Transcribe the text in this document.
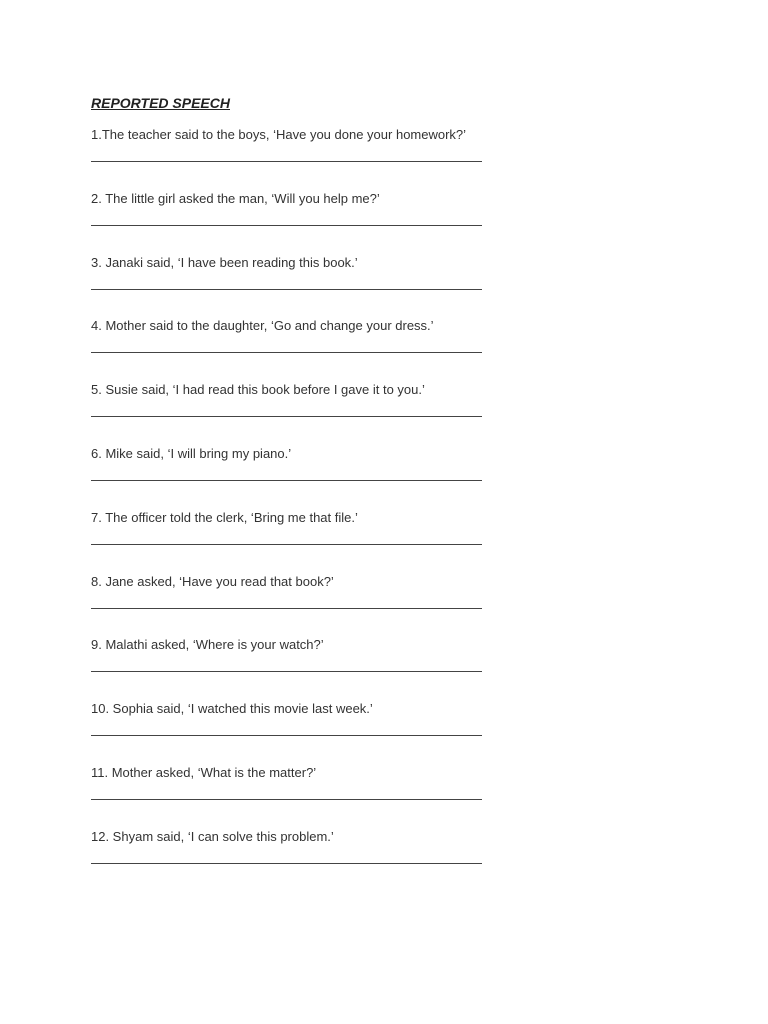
REPORTED SPEECH
1.The teacher said to the boys, ‘Have you done your homework?’
2. The little girl asked the man, ‘Will you help me?’
3. Janaki said, ‘I have been reading this book.’
4. Mother said to the daughter, ‘Go and change your dress.’
5. Susie said, ‘I had read this book before I gave it to you.’
6. Mike said, ‘I will bring my piano.’
7. The officer told the clerk, ‘Bring me that file.’
8. Jane asked, ‘Have you read that book?’
9. Malathi asked, ‘Where is your watch?’
10. Sophia said, ‘I watched this movie last week.’
11. Mother asked, ‘What is the matter?’
12. Shyam said, ‘I can solve this problem.’
